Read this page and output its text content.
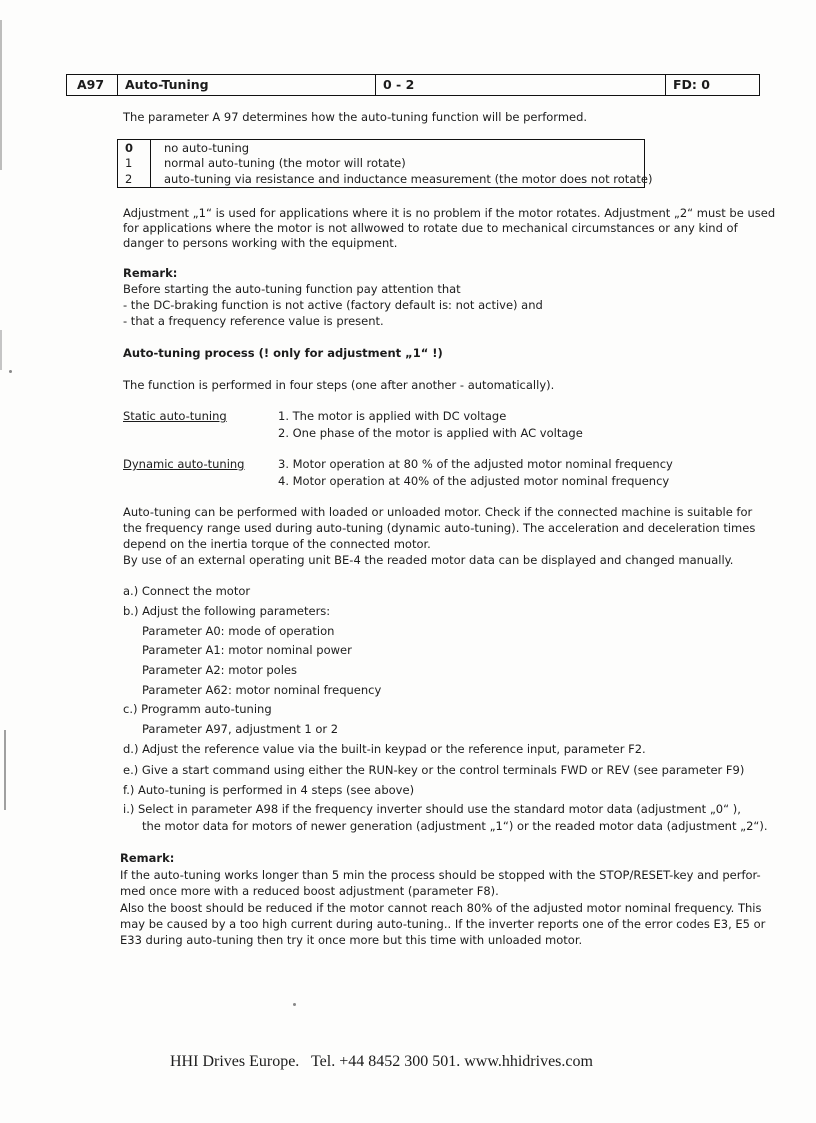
A97	Auto-Tuning	0 - 2	FD: 0
The parameter A 97 determines how the auto-tuning function will be performed.
0	no auto-tuning
1	normal auto-tuning (the motor will rotate)
2	auto-tuning via resistance and inductance measurement (the motor does not rotate)
Adjustment „1“ is used for applications where it is no problem if the motor rotates. Adjustment „2“ must be used
for applications where the motor is not allwowed to rotate due to mechanical circumstances or any kind of
danger to persons working with the equipment.
Remark:
Before starting the auto-tuning function pay attention that
- the DC-braking function is not active (factory default is: not active) and
- that a frequency reference value is present.
Auto-tuning process (! only for adjustment „1“ !)
The function is performed in four steps (one after another - automatically).
Static auto-tuning	1. The motor is applied with DC voltage
2. One phase of the motor is applied with AC voltage
Dynamic auto-tuning	3. Motor operation at 80 % of the adjusted motor nominal frequency
4. Motor operation at 40% of the adjusted motor nominal frequency
Auto-tuning can be performed with loaded or unloaded motor. Check if the connected machine is suitable for
the frequency range used during auto-tuning (dynamic auto-tuning). The acceleration and deceleration times
depend on the inertia torque of the connected motor.
By use of an external operating unit BE-4 the readed motor data can be displayed and changed manually.
a.) Connect the motor
b.) Adjust the following parameters:
Parameter A0: mode of operation
Parameter A1: motor nominal power
Parameter A2: motor poles
Parameter A62: motor nominal frequency
c.) Programm auto-tuning
Parameter A97, adjustment 1 or 2
d.) Adjust the reference value via the built-in keypad or the reference input, parameter F2.
e.) Give a start command using either the RUN-key or the control terminals FWD or REV (see parameter F9)
f.) Auto-tuning is performed in 4 steps (see above)
i.) Select in parameter A98 if the frequency inverter should use the standard motor data (adjustment „0“ ),
the motor data for motors of newer generation (adjustment „1“) or the readed motor data (adjustment „2“).
Remark:
If the auto-tuning works longer than 5 min the process should be stopped with the STOP/RESET-key and perfor-
med once more with a reduced boost adjustment (parameter F8).
Also the boost should be reduced if the motor cannot reach 80% of the adjusted motor nominal frequency. This
may be caused by a too high current during auto-tuning.. If the inverter reports one of the error codes E3, E5 or
E33 during auto-tuning then try it once more but this time with unloaded motor.
HHI Drives Europe.   Tel. +44 8452 300 501. www.hhidrives.com
